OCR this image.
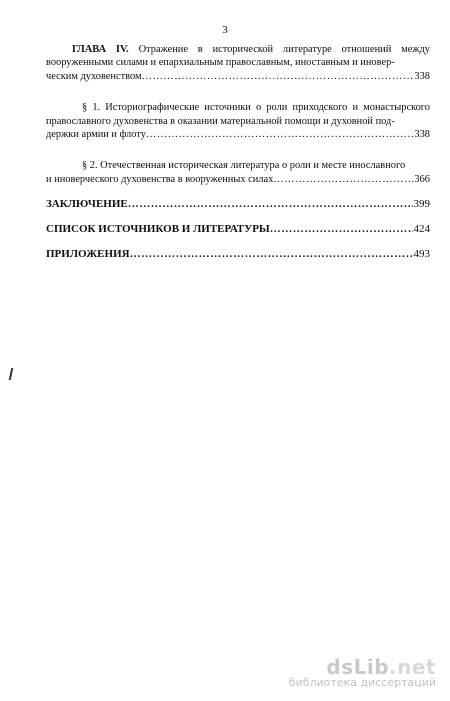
3
ГЛАВА IV. Отражение в исторической литературе отношений между вооруженными силами и епархиальным православным, иноставным и иновер-
ческим духовенством ………………………………………………………………………………………………………………………………………………………………	338
§ 1. Историографические источники о роли приходского и монастырского православного духовенства в оказании материальной помощи и духовной под-
держки армии и флоту ………………………………………………………………………………………………………………………………………………………………	338
§ 2. Отечественная историческая литература о роли и месте инославного
и иноверческого духовенства в вооруженных силах ………………………………………………………………………………………………………………………………………………………………	366
ЗАКЛЮЧЕНИЕ ………………………………………………………………………………………………………………………………………………………………	399
СПИСОК ИСТОЧНИКОВ И ЛИТЕРАТУРЫ ………………………………………………………………………………………………………………………………………………………………	424
ПРИЛОЖЕНИЯ ………………………………………………………………………………………………………………………………………………………………	493
dsLib.net
библиотека диссертаций
